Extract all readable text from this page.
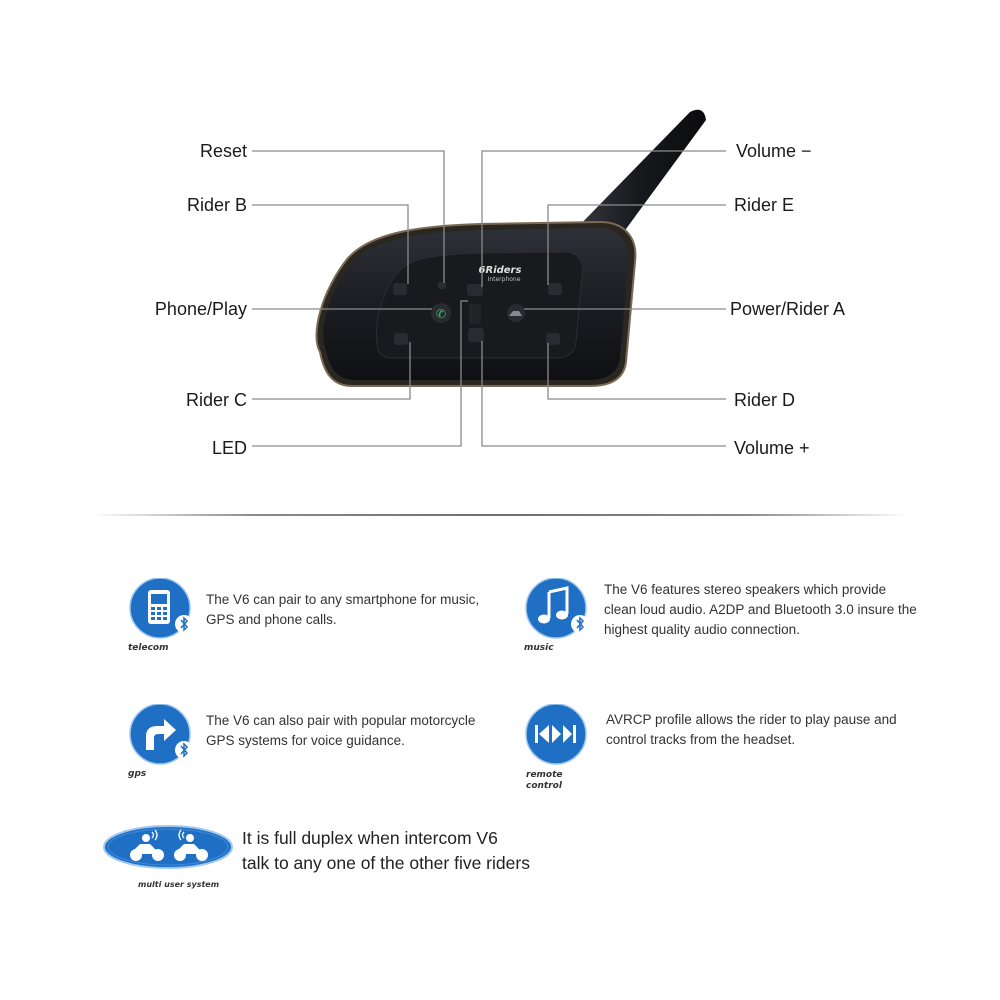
✆
6Riders
Interphone
Reset
Rider B
Phone/Play
Rider C
LED
Volume −
Rider E
Power/Rider A
Rider D
Volume +
telecom
The V6 can pair to any smartphone for music, GPS and phone calls.
music
The V6 features stereo speakers which provide clean loud audio. A2DP and Bluetooth 3.0 insure the highest quality audio connection.
gps
The V6 can also pair with popular motorcycle GPS systems for voice guidance.
remote
control
AVRCP profile allows the rider to play pause and control tracks from the headset.
multi user system
It is full duplex when intercom V6
talk to any one of the other five riders
